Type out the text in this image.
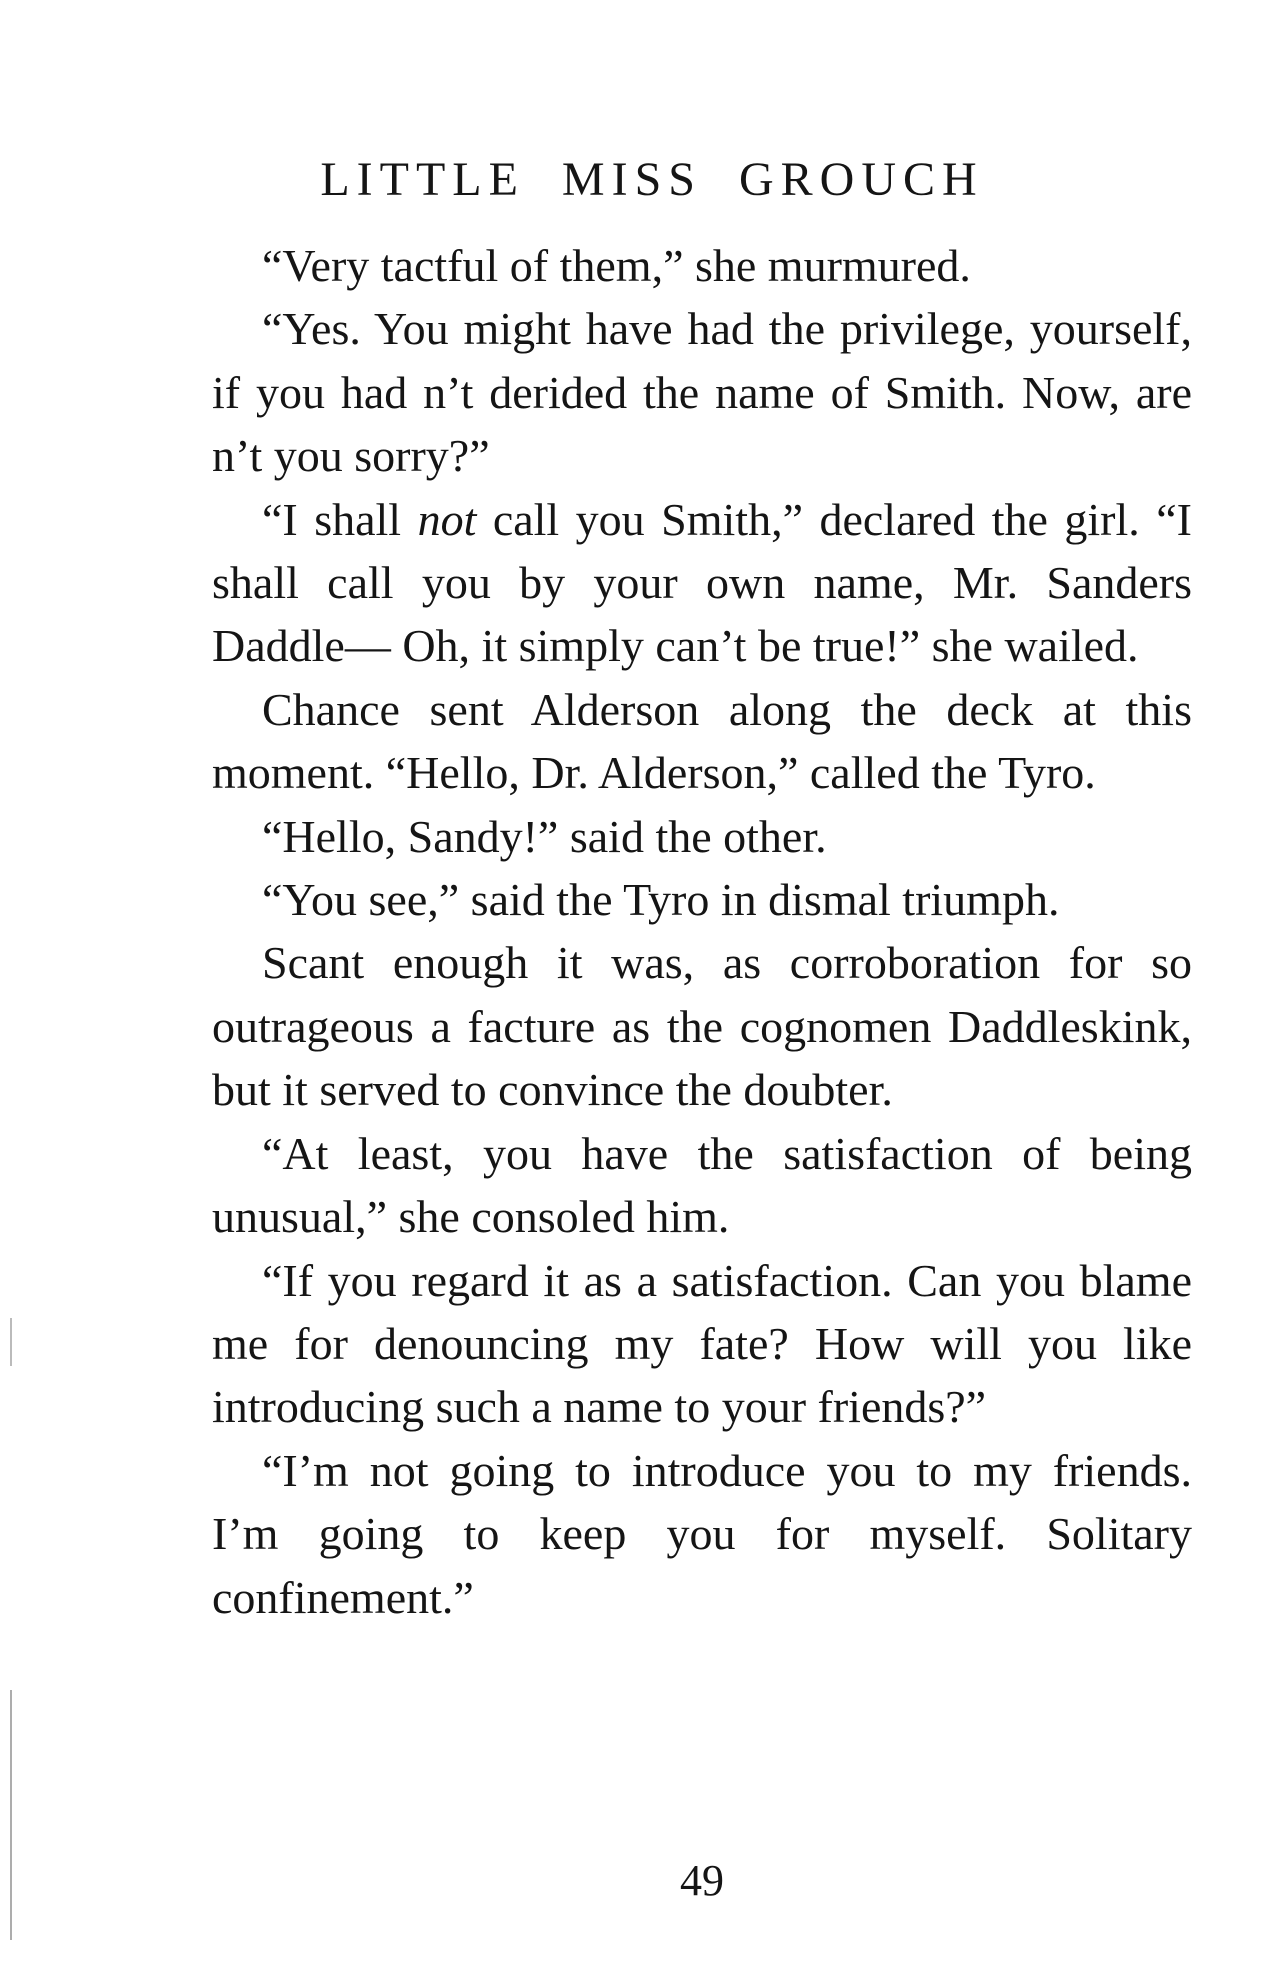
LITTLE MISS GROUCH

“Very tactful of them,” she murmured.

“Yes. You might have had the privilege, yourself, if you had n’t derided the name of Smith. Now, are n’t you sorry?”

“I shall not call you Smith,” declared the girl. “I shall call you by your own name, Mr. Sanders Daddle— Oh, it simply can’t be true!” she wailed.

Chance sent Alderson along the deck at this moment. “Hello, Dr. Alderson,” called the Tyro.

“Hello, Sandy!” said the other.

“You see,” said the Tyro in dismal triumph.

Scant enough it was, as corroboration for so outrageous a facture as the cognomen Daddleskink, but it served to convince the doubter.

“At least, you have the satisfaction of being unusual,” she consoled him.

“If you regard it as a satisfaction. Can you blame me for denouncing my fate? How will you like introducing such a name to your friends?”

“I’m not going to introduce you to my friends. I’m going to keep you for myself. Solitary confinement.”

49
